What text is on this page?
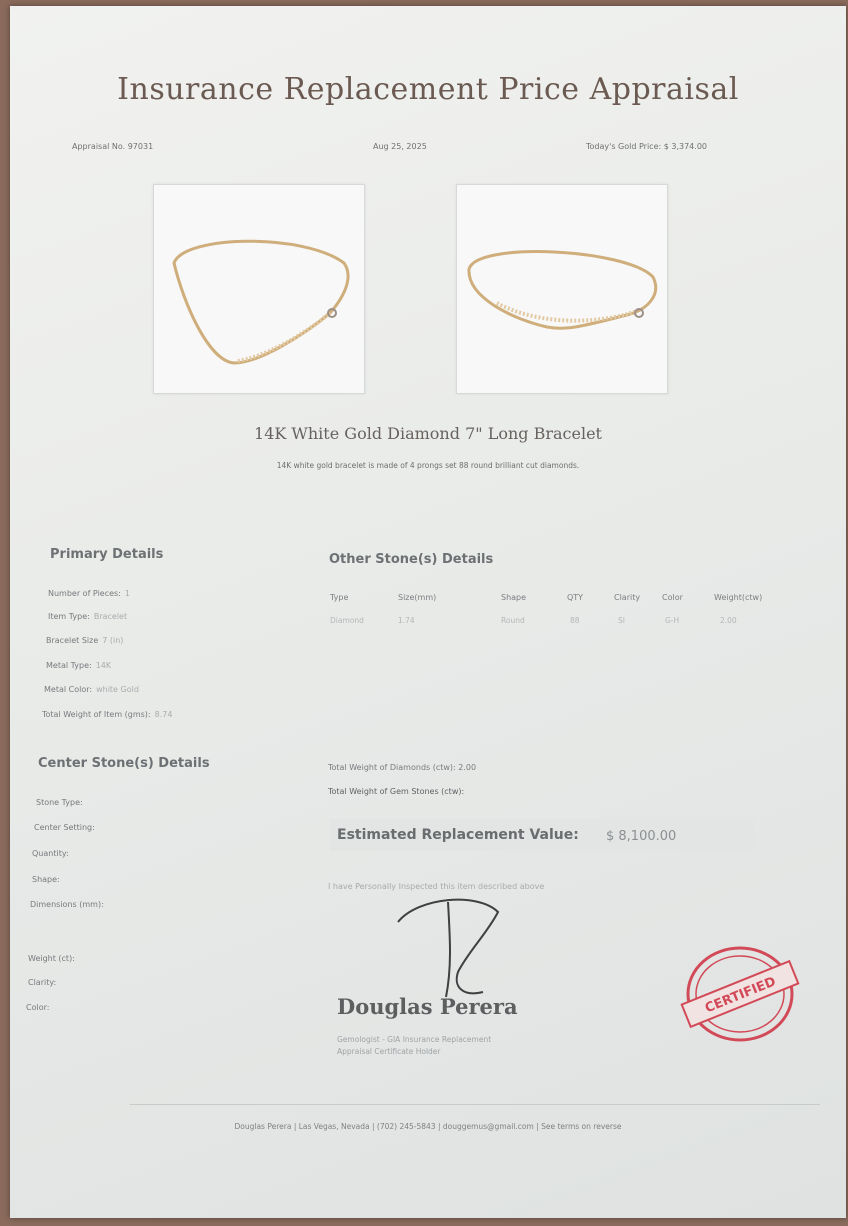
Insurance Replacement Price Appraisal
Appraisal No. 97031	Aug 25, 2025	Today's Gold Price: $ 3,374.00
14K White Gold Diamond 7" Long Bracelet
14K white gold bracelet is made of 4 prongs set 88 round brilliant cut diamonds.
Primary Details
Number of Pieces: 1
Item Type: Bracelet
Bracelet Size 7 (in)
Metal Type: 14K
Metal Color: white Gold
Total Weight of Item (gms): 8.74
Other Stone(s) Details
Type	Size(mm)	Shape	QTY	Clarity	Color	Weight(ctw)
Diamond	1.74	Round	88	SI	G-H	2.00
Center Stone(s) Details
Stone Type:
Center Setting:
Quantity:
Shape:
Dimensions (mm):
Weight (ct):
Clarity:
Color:
Total Weight of Diamonds (ctw): 2.00
Total Weight of Gem Stones (ctw):
Estimated Replacement Value: $ 8,100.00
I have Personally Inspected this item described above
Douglas Perera
Gemologist - GIA Insurance Replacement
Appraisal Certificate Holder
CERTIFIED
Douglas Perera | Las Vegas, Nevada | (702) 245-5843 | douggemus@gmail.com | See terms on reverse
